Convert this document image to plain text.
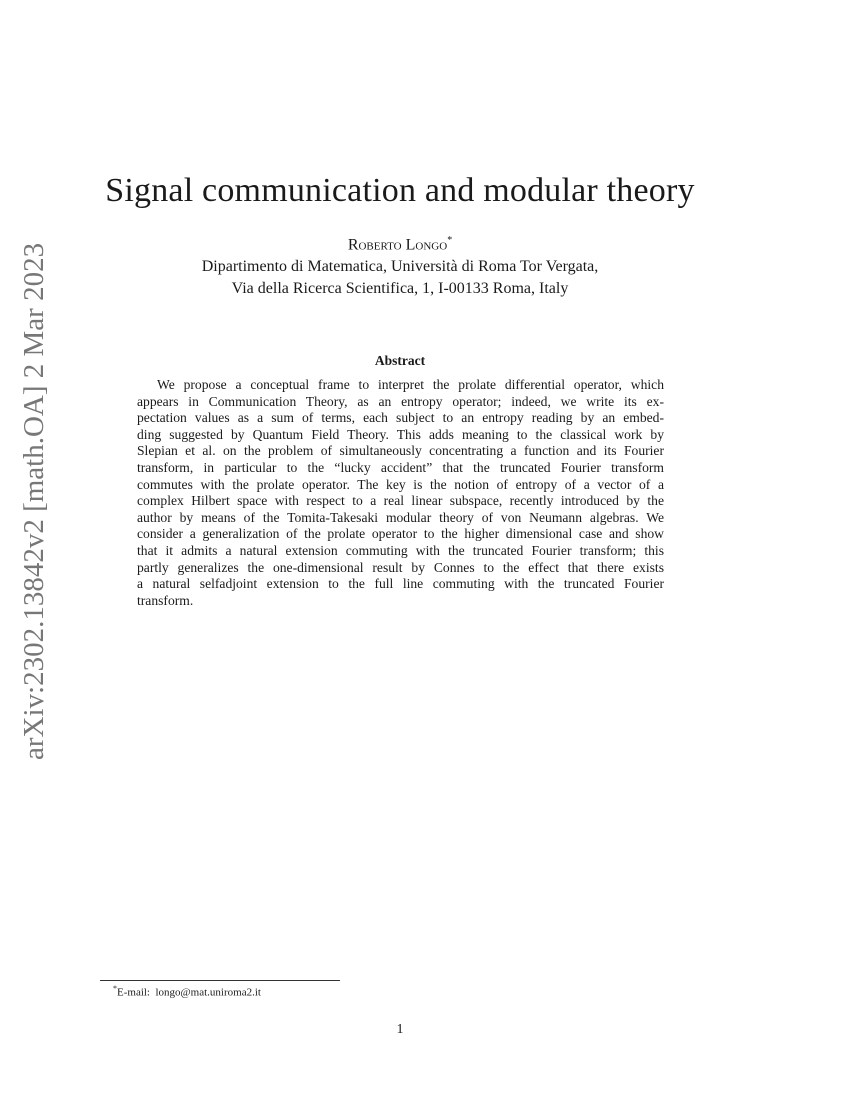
arXiv:2302.13842v2 [math.OA] 2 Mar 2023
Signal communication and modular theory
Roberto Longo*
Dipartimento di Matematica, Università di Roma Tor Vergata,
Via della Ricerca Scientifica, 1, I-00133 Roma, Italy
Abstract
We propose a conceptual frame to interpret the prolate differential operator, which
appears in Communication Theory, as an entropy operator; indeed, we write its ex-
pectation values as a sum of terms, each subject to an entropy reading by an embed-
ding suggested by Quantum Field Theory. This adds meaning to the classical work by
Slepian et al. on the problem of simultaneously concentrating a function and its Fourier
transform, in particular to the “lucky accident” that the truncated Fourier transform
commutes with the prolate operator. The key is the notion of entropy of a vector of a
complex Hilbert space with respect to a real linear subspace, recently introduced by the
author by means of the Tomita-Takesaki modular theory of von Neumann algebras. We
consider a generalization of the prolate operator to the higher dimensional case and show
that it admits a natural extension commuting with the truncated Fourier transform; this
partly generalizes the one-dimensional result by Connes to the effect that there exists
a natural selfadjoint extension to the full line commuting with the truncated Fourier
transform.
*E-mail:  longo@mat.uniroma2.it
1
